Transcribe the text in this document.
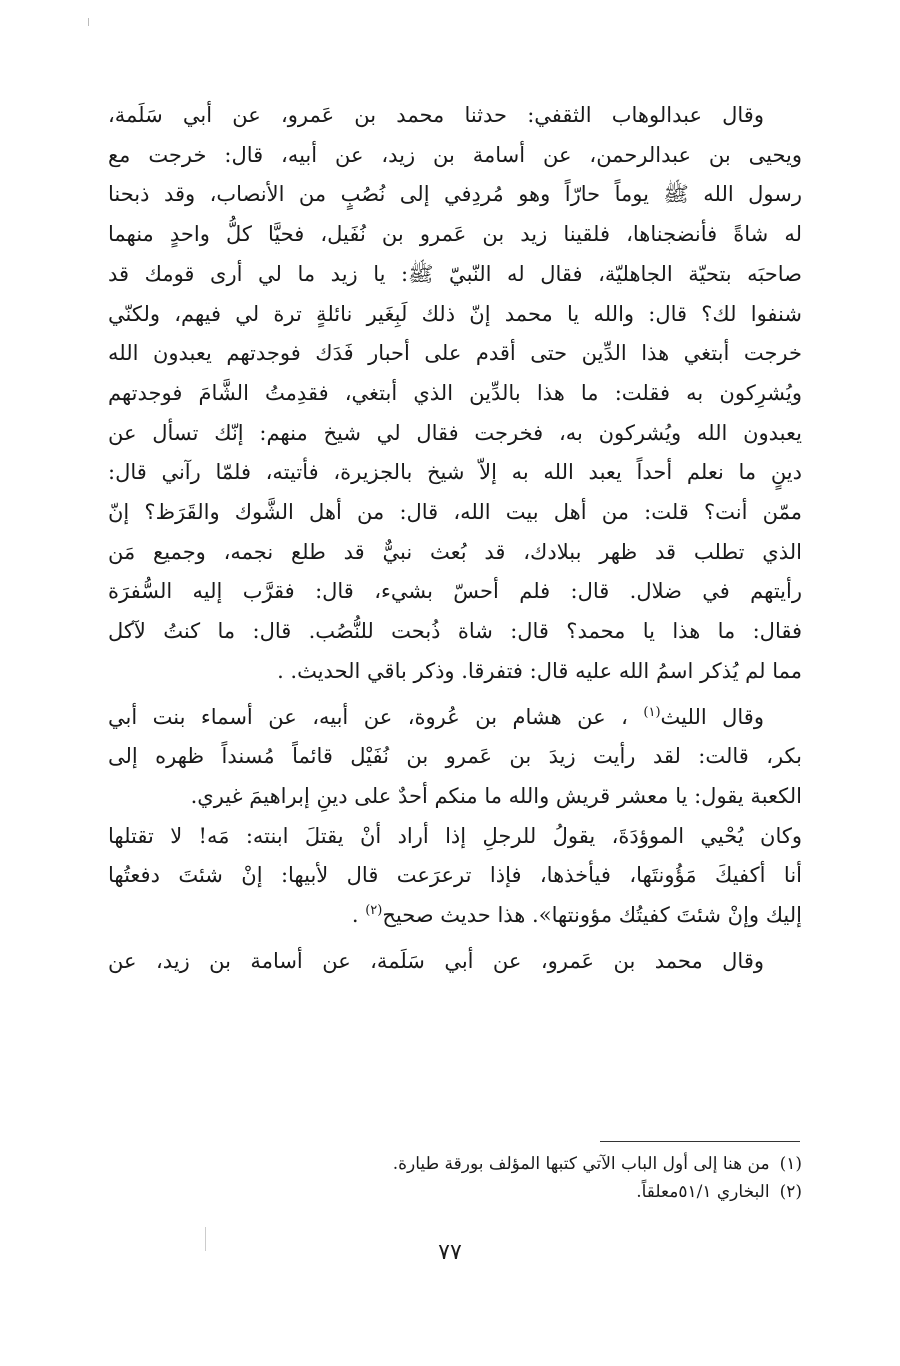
وقال عبدالوهاب الثقفي: حدثنا محمد بن عَمرو، عن أبي سَلَمة،
ويحيى بن عبدالرحمن، عن أسامة بن زيد، عن أبيه، قال: خرجت مع
رسول الله ﷺ يوماً حارّاً وهو مُردِفي إلى نُصُبٍ من الأنصاب، وقد ذبحنا
له شاةً فأنضجناها، فلقينا زيد بن عَمرو بن نُفَيل، فحيَّا كلُّ واحدٍ منهما
صاحبَه بتحيّة الجاهليّة، فقال له النّبيّ ﷺ: يا زيد ما لي أرى قومك قد
شنفوا لك؟ قال: والله يا محمد إنّ ذلك لَبِغَير نائلةٍ ترة لي فيهم، ولكنّي
خرجت أبتغي هذا الدِّين حتى أقدم على أحبار فَدَك فوجدتهم يعبدون الله
ويُشرِكون به فقلت: ما هذا بالدِّين الذي أبتغي، فقدِمتُ الشَّامَ فوجدتهم
يعبدون الله ويُشركون به، فخرجت فقال لي شيخ منهم: إنّك تسأل عن
دينٍ ما نعلم أحداً يعبد الله به إلاّ شيخ بالجزيرة، فأتيته، فلمّا رآني قال:
ممّن أنت؟ قلت: من أهل بيت الله، قال: من أهل الشَّوك والقَرَظ؟ إنّ
الذي تطلب قد ظهر ببلادك، قد بُعث نبيٌّ قد طلع نجمه، وجميع مَن
رأيتهم في ضلال. قال: فلم أحسّ بشيء، قال: فقرَّب إليه السُّفرَة
فقال: ما هذا يا محمد؟ قال: شاة ذُبحت للنُّصُب. قال: ما كنتُ لآكل
مما لم يُذكر اسمُ الله عليه قال: فتفرقا. وذكر باقي الحديث. .

وقال الليث$^{(١)}$ ، عن هشام بن عُروة، عن أبيه، عن أسماء بنت أبي
بكر، قالت: لقد رأيت زيدَ بن عَمرو بن نُفَيْل قائماً مُسنداً ظهره إلى
الكعبة يقول: يا معشر قريش والله ما منكم أحدٌ على دينِ إبراهيمَ غيري.
وكان يُحْيي الموؤدَةَ، يقولُ للرجلِ إذا أراد أنْ يقتلَ ابنته: مَه! لا تقتلها
أنا أكفيكَ مَؤُونتَها، فيأخذها، فإذا ترعرَعت قال لأبيها: إنْ شئتَ دفعتُها
إليك وإنْ شئتَ كفيتُك مؤونتها». هذا حديث صحيح$^{(٢)}$ .

وقال محمد بن عَمرو، عن أبي سَلَمة، عن أسامة بن زيد، عن

(١)من هنا إلى أول الباب الآتي كتبها المؤلف بورقة طيارة.
(٢)البخاري ٥١/١معلقاً.
٧٧
